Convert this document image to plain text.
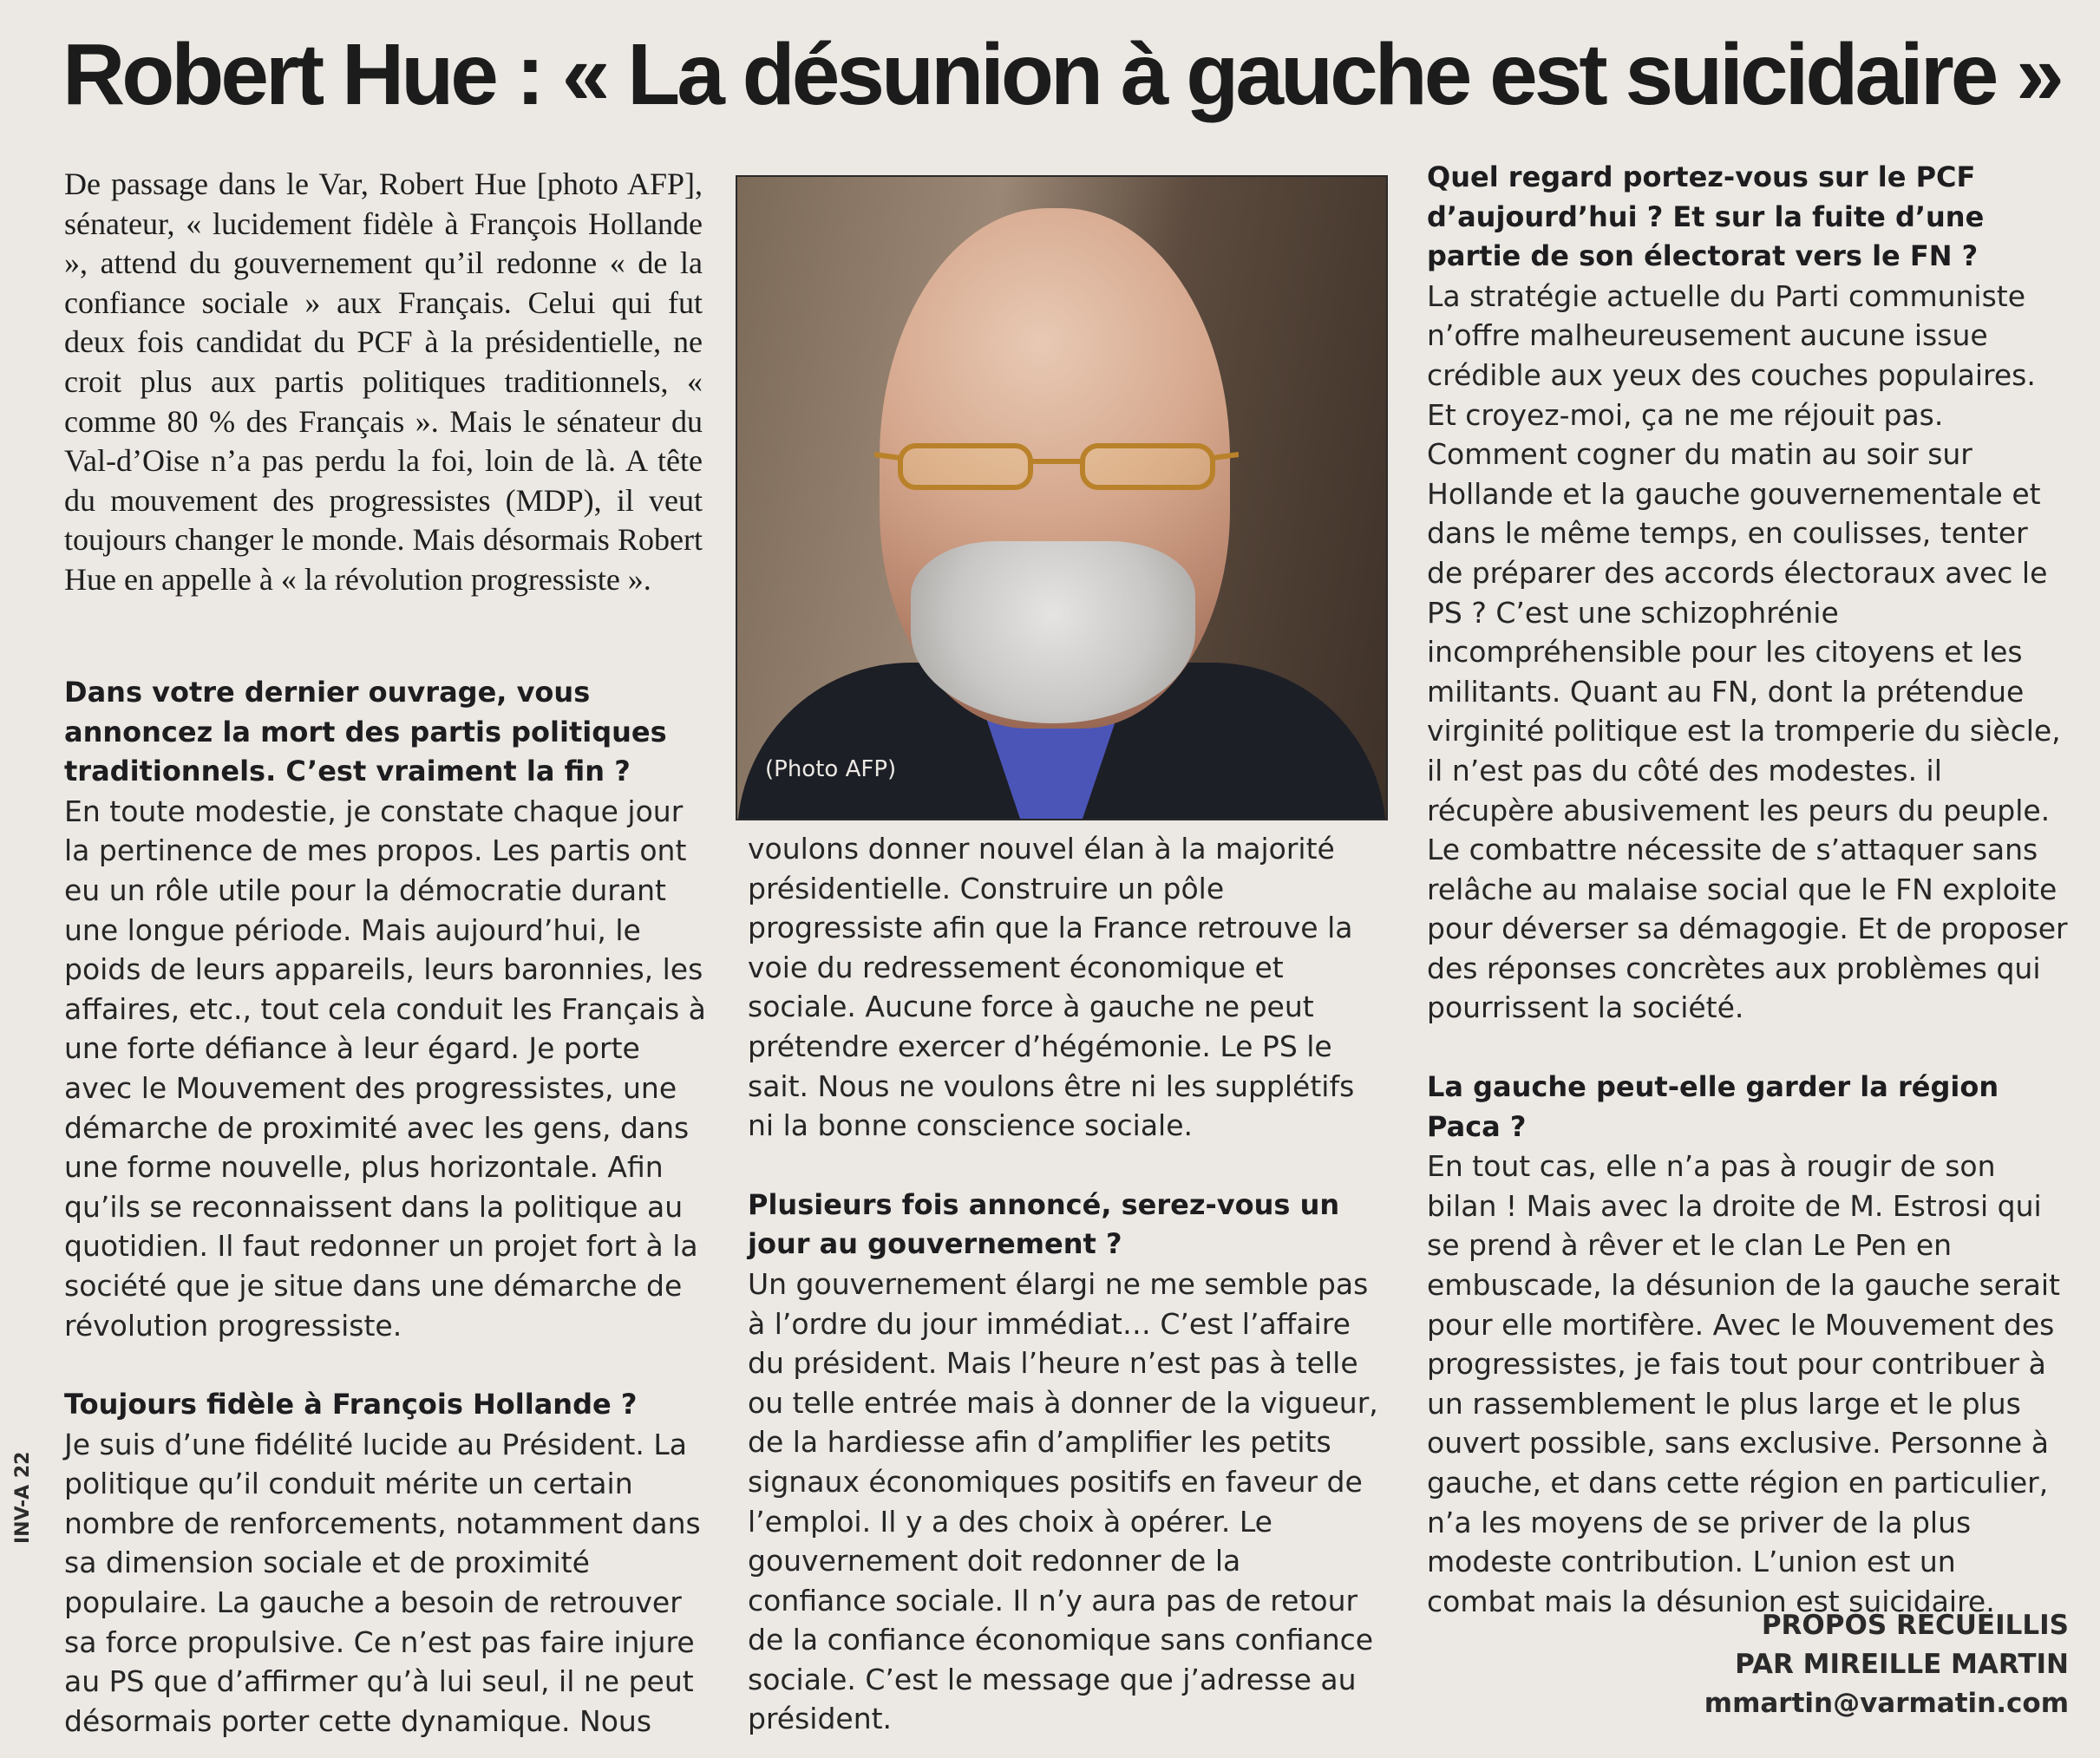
Robert Hue : « La désunion à gauche est suicidaire »

De passage dans le Var, Robert Hue [photo AFP], sénateur, « lucidement fidèle à François Hollande », attend du gouvernement qu’il redonne « de la confiance sociale » aux Français. Celui qui fut deux fois candidat du PCF à la présidentielle, ne croit plus aux partis politiques traditionnels, « comme 80 % des Français ». Mais le sénateur du Val-d’Oise n’a pas perdu la foi, loin de là. A tête du mouvement des progressistes (MDP), il veut toujours changer le monde. Mais désormais Robert Hue en appelle à « la révolution progressiste ».

(Photo AFP)

Dans votre dernier ouvrage, vous annoncez la mort des partis politiques traditionnels. C’est vraiment la fin ?

En toute modestie, je constate chaque jour la pertinence de mes propos. Les partis ont eu un rôle utile pour la démocratie durant une longue période. Mais aujourd’hui, le poids de leurs appareils, leurs baronnies, les affaires, etc., tout cela conduit les Français à une forte défiance à leur égard. Je porte avec le Mouvement des progressistes, une démarche de proximité avec les gens, dans une forme nouvelle, plus horizontale. Afin qu’ils se reconnaissent dans la politique au quotidien. Il faut redonner un projet fort à la société que je situe dans une démarche de révolution progressiste.

Toujours fidèle à François Hollande ?

Je suis d’une fidélité lucide au Président. La politique qu’il conduit mérite un certain nombre de renforcements, notamment dans sa dimension sociale et de proximité populaire. La gauche a besoin de retrouver sa force propulsive. Ce n’est pas faire injure au PS que d’affirmer qu’à lui seul, il ne peut désormais porter cette dynamique. Nous

voulons donner nouvel élan à la majorité présidentielle. Construire un pôle progressiste afin que la France retrouve la voie du redressement économique et sociale. Aucune force à gauche ne peut prétendre exercer d’hégémonie. Le PS le sait. Nous ne voulons être ni les supplétifs ni la bonne conscience sociale.

Plusieurs fois annoncé, serez-vous un jour au gouvernement ?

Un gouvernement élargi ne me semble pas à l’ordre du jour immédiat… C’est l’affaire du président. Mais l’heure n’est pas à telle ou telle entrée mais à donner de la vigueur, de la hardiesse afin d’amplifier les petits signaux économiques positifs en faveur de l’emploi. Il y a des choix à opérer. Le gouvernement doit redonner de la confiance sociale. Il n’y aura pas de retour de la confiance économique sans confiance sociale. C’est le message que j’adresse au président.

Quel regard portez-vous sur le PCF d’aujourd’hui ? Et sur la fuite d’une partie de son électorat vers le FN ?

La stratégie actuelle du Parti communiste n’offre malheureusement aucune issue crédible aux yeux des couches populaires. Et croyez-moi, ça ne me réjouit pas. Comment cogner du matin au soir sur Hollande et la gauche gouvernementale et dans le même temps, en coulisses, tenter de préparer des accords électoraux avec le PS ? C’est une schizophrénie incompréhensible pour les citoyens et les militants. Quant au FN, dont la prétendue virginité politique est la tromperie du siècle, il n’est pas du côté des modestes. il récupère abusivement les peurs du peuple. Le combattre nécessite de s’attaquer sans relâche au malaise social que le FN exploite pour déverser sa démagogie. Et de proposer des réponses concrètes aux problèmes qui pourrissent la société.

La gauche peut-elle garder la région Paca ?

En tout cas, elle n’a pas à rougir de son bilan ! Mais avec la droite de M. Estrosi qui se prend à rêver et le clan Le Pen en embuscade, la désunion de la gauche serait pour elle mortifère. Avec le Mouvement des progressistes, je fais tout pour contribuer à un rassemblement le plus large et le plus ouvert possible, sans exclusive. Personne à gauche, et dans cette région en particulier, n’a les moyens de se priver de la plus modeste contribution. L’union est un combat mais la désunion est suicidaire.

PROPOS RECUEILLIS
PAR MIREILLE MARTIN
mmartin@varmatin.com
INV-A 22
